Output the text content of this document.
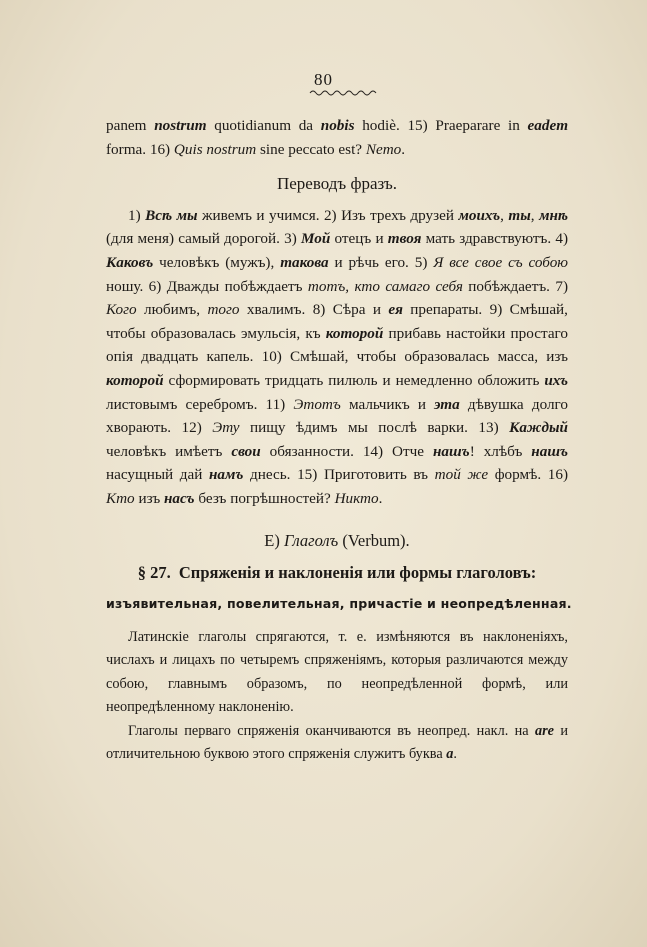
80

panem nostrum quotidianum da nobis hodiè. 15) Praeparare in eadem forma. 16) Quis nostrum sine peccato est? Nemo.

Переводъ фразъ.

1) Всѣ мы живемъ и учимся. 2) Изъ трехъ друзей моихъ, ты, мнѣ (для меня) самый дорогой. 3) Мой отецъ и твоя мать здравствуютъ. 4) Каковъ человѣкъ (мужъ), такова и рѣчь его. 5) Я все свое съ собою ношу. 6) Дважды побѣждаетъ тотъ, кто самаго себя побѣждаетъ. 7) Кого любимъ, того хвалимъ. 8) Сѣра и ея препараты. 9) Смѣшай, чтобы образовалась эмульсія, къ которой прибавь настойки простаго опія двадцать капель. 10) Смѣшай, чтобы образовалась масса, изъ которой сформировать тридцать пилюль и немедленно обложить ихъ листовымъ серебромъ. 11) Этотъ мальчикъ и эта дѣвушка долго хворають. 12) Эту пищу ѣдимъ мы послѣ варки. 13) Каждый человѣкъ имѣетъ свои обязанности. 14) Отче нашъ! хлѣбъ нашъ насущный дай намъ днесь. 15) Приготовить въ той же формѣ. 16) Кто изъ насъ безъ погрѣшностей? Никто.

E) Глаголъ (Verbum).
§ 27. Спряженія и наклоненія или формы глаголовъ:
изъявительная, повелительная, причастіе и неопредѣленная.

Латинскіе глаголы спрягаются, т. е. измѣняются въ наклоненіяхъ, числахъ и лицахъ по четыремъ спряженіямъ, которыя различаются между собою, главнымъ образомъ, по неопредѣленной формѣ, или неопредѣленному наклоненію.

Глаголы перваго спряженія оканчиваются въ неопред. накл. на are и отличительною буквою этого спряженія служитъ буква a.
